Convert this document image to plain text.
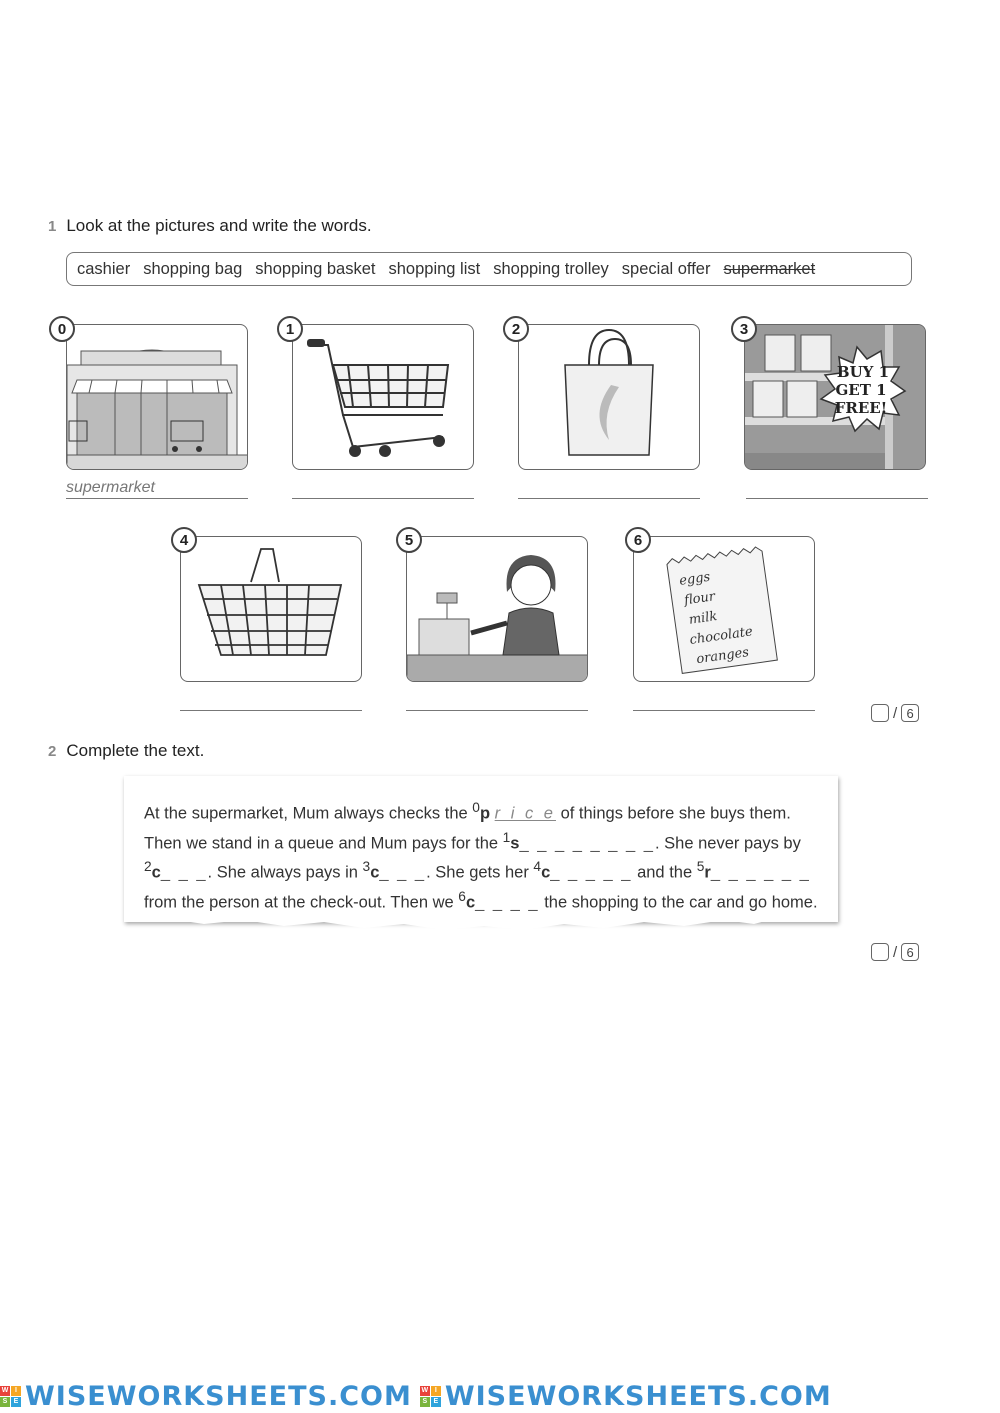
1 Look at the pictures and write the words.
cashier shopping bag shopping basket shopping list shopping trolley special offer supermarket
0
supermarket
1	2	3
BUY 1
GET 1
FREE!
4	5	6
eggs
flour
milk
chocolate
oranges
/ 6
2 Complete the text.
At the supermarket, Mum always checks the $^0$p r i c e of things before she buys them. Then we stand in a queue and Mum pays for the $^1$s_ _ _ _ _ _ _ _. She never pays by $^2$c_ _ _. She always pays in $^3$c_ _ _. She gets her $^4$c_ _ _ _ _ and the $^5$r_ _ _ _ _ _ from the person at the check-out. Then we $^6$c_ _ _ _ the shopping to the car and go home.
/ 6
W I
S E WISEWORKSHEETS.COM W I
S E WISEWORKSHEETS.COM
